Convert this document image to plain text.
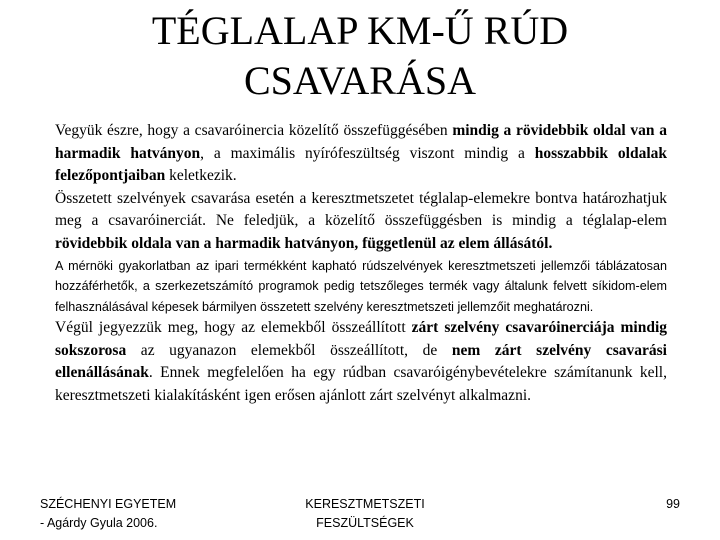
TÉGLALAP KM-Ű RÚD
CSAVARÁSA

Vegyük észre, hogy a csavaróinercia közelítő összefüggésében mindig a rövidebbik oldal van a harmadik hatványon, a maximális nyírófeszültség viszont mindig a hosszabbik oldalak felezőpontjaiban keletkezik.

Összetett szelvények csavarása esetén a keresztmetszetet téglalap-elemekre bontva határozhatjuk meg a csavaróinerciát. Ne feledjük, a közelítő összefüggésben is mindig a téglalap-elem rövidebbik oldala van a harmadik hatványon, függetlenül az elem állásától.

A mérnöki gyakorlatban az ipari termékként kapható rúdszelvények keresztmetszeti jellemzői táblázatosan hozzáférhetők, a szerkezetszámító programok pedig tetszőleges termék vagy általunk felvett síkidom-elem felhasználásával képesek bármilyen összetett szelvény keresztmetszeti jellemzőit meghatározni.

Végül jegyezzük meg, hogy az elemekből összeállított zárt szelvény csavaróinerciája mindig sokszorosa az ugyanazon elemekből összeállított, de nem zárt szelvény csavarási ellenállásának. Ennek megfelelően ha egy rúdban csavaróigénybevételekre számítanunk kell, keresztmetszeti kialakításként igen erősen ajánlott zárt szelvényt alkalmazni.

SZÉCHENYI EGYETEM
- Agárdy Gyula 2006.
KERESZTMETSZETI
FESZÜLTSÉGEK
99
